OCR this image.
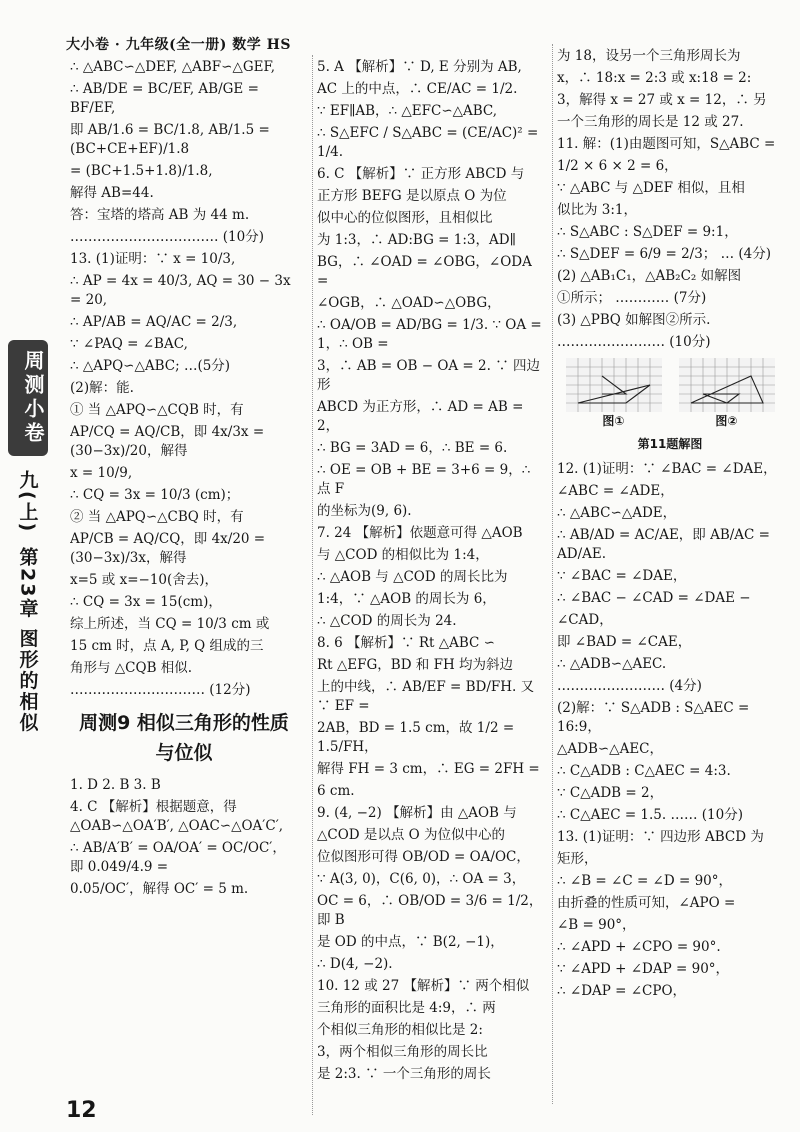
大小卷 · 九年级(全一册) 数学 HS
周测小卷
九(上)
第23章 图形的相似
∴ △ABC∽△DEF, △ABF∽△GEF,
∴ AB/DE = BC/EF, AB/GE = BF/EF,
即 AB/1.6 = BC/1.8, AB/1.5 = (BC+CE+EF)/1.8
= (BC+1.5+1.8)/1.8,
解得 AB=44.
答：宝塔的塔高 AB 为 44 m.
…………………………… (10分)
13. (1)证明：∵ x = 10/3,
∴ AP = 4x = 40/3, AQ = 30 − 3x = 20,
∴ AP/AB = AQ/AC = 2/3,
∵ ∠PAQ = ∠BAC,
∴ △APQ∽△ABC; …(5分)
(2)解：能.
① 当 △APQ∽△CQB 时，有
AP/CQ = AQ/CB，即 4x/3x = (30−3x)/20，解得
x = 10/9,
∴ CQ = 3x = 10/3 (cm)；
② 当 △APQ∽△CBQ 时，有
AP/CB = AQ/CQ，即 4x/20 = (30−3x)/3x，解得
x=5 或 x=−10(舍去)，
∴ CQ = 3x = 15(cm)，
综上所述，当 CQ = 10/3 cm 或
15 cm 时，点 A, P, Q 组成的三
角形与 △CQB 相似.
………………………… (12分)
周测9 相似三角形的性质与位似
1. D 2. B 3. B
4. C 【解析】根据题意，得 △OAB∽△OA′B′, △OAC∽△OA′C′,
∴ AB/A′B′ = OA/OA′ = OC/OC′，即 0.049/4.9 =
0.05/OC′，解得 OC′ = 5 m.
5. A 【解析】∵ D, E 分别为 AB,
AC 上的中点，∴ CE/AC = 1/2.
∵ EF∥AB，∴ △EFC∽△ABC,
∴ S△EFC / S△ABC = (CE/AC)² = 1/4.
6. C 【解析】∵ 正方形 ABCD 与
正方形 BEFG 是以原点 O 为位
似中心的位似图形，且相似比
为 1:3，∴ AD:BG = 1:3，AD∥
BG，∴ ∠OAD = ∠OBG，∠ODA =
∠OGB，∴ △OAD∽△OBG，
∴ OA/OB = AD/BG = 1/3. ∵ OA = 1，∴ OB =
3，∴ AB = OB − OA = 2. ∵ 四边形
ABCD 为正方形，∴ AD = AB = 2，
∴ BG = 3AD = 6，∴ BE = 6.
∴ OE = OB + BE = 3+6 = 9，∴ 点 F
的坐标为(9, 6).
7. 24 【解析】依题意可得 △AOB
与 △COD 的相似比为 1:4，
∴ △AOB 与 △COD 的周长比为
1:4，∵ △AOB 的周长为 6，
∴ △COD 的周长为 24.
8. 6 【解析】∵ Rt △ABC ∽
Rt △EFG，BD 和 FH 均为斜边
上的中线，∴ AB/EF = BD/FH. 又 ∵ EF =
2AB，BD = 1.5 cm，故 1/2 = 1.5/FH，
解得 FH = 3 cm，∴ EG = 2FH =
6 cm.
9. (4, −2) 【解析】由 △AOB 与
△COD 是以点 O 为位似中心的
位似图形可得 OB/OD = OA/OC，
∵ A(3, 0)，C(6, 0)，∴ OA = 3，
OC = 6，∴ OB/OD = 3/6 = 1/2，即 B
是 OD 的中点，∵ B(2, −1)，
∴ D(4, −2).
10. 12 或 27 【解析】∵ 两个相似
三角形的面积比是 4:9，∴ 两
个相似三角形的相似比是 2:
3，两个相似三角形的周长比
是 2:3. ∵ 一个三角形的周长
为 18，设另一个三角形周长为
x，∴ 18:x = 2:3 或 x:18 = 2:
3，解得 x = 27 或 x = 12，∴ 另
一个三角形的周长是 12 或 27.
11. 解：(1)由题图可知，S△ABC =
1/2 × 6 × 2 = 6，
∵ △ABC 与 △DEF 相似，且相
似比为 3:1，
∴ S△ABC : S△DEF = 9:1，
∴ S△DEF = 6/9 = 2/3； … (4分)
(2) △AB₁C₁，△AB₂C₂ 如解图
①所示； ………… (7分)
(3) △PBQ 如解图②所示.
…………………… (10分)
图①	图②
第11题解图
12. (1)证明：∵ ∠BAC = ∠DAE，
∠ABC = ∠ADE，
∴ △ABC∽△ADE，
∴ AB/AD = AC/AE，即 AB/AC = AD/AE.
∵ ∠BAC = ∠DAE，
∴ ∠BAC − ∠CAD = ∠DAE −
∠CAD，
即 ∠BAD = ∠CAE，
∴ △ADB∽△AEC.
…………………… (4分)
(2)解：∵ S△ADB : S△AEC = 16:9，
△ADB∽△AEC，
∴ C△ADB : C△AEC = 4:3.
∵ C△ADB = 2，
∴ C△AEC = 1.5. …… (10分)
13. (1)证明：∵ 四边形 ABCD 为
矩形，
∴ ∠B = ∠C = ∠D = 90°，
由折叠的性质可知，∠APO =
∠B = 90°，
∴ ∠APD + ∠CPO = 90°.
∵ ∠APD + ∠DAP = 90°，
∴ ∠DAP = ∠CPO，
12
